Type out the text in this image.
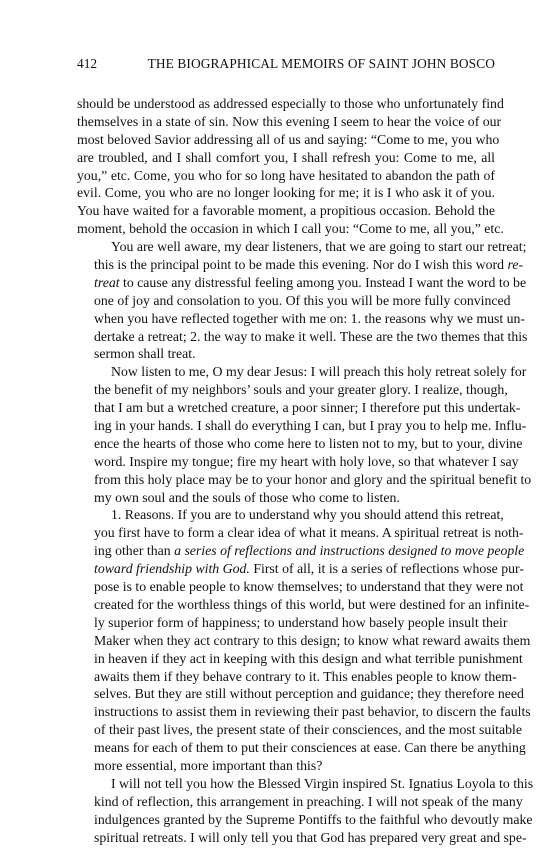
412	THE BIOGRAPHICAL MEMOIRS OF SAINT JOHN BOSCO

should be understood as addressed especially to those who unfortunately find
themselves in a state of sin. Now this evening I seem to hear the voice of our
most beloved Savior addressing all of us and saying: “Come to me, you who
are troubled, and I shall comfort you, I shall refresh you: Come to me, all
you,” etc. Come, you who for so long have hesitated to abandon the path of
evil. Come, you who are no longer looking for me; it is I who ask it of you.
You have waited for a favorable moment, a propitious occasion. Behold the
moment, behold the occasion in which I call you: “Come to me, all you,” etc.

You are well aware, my dear listeners, that we are going to start our retreat;
this is the principal point to be made this evening. Nor do I wish this word re-
treat to cause any distressful feeling among you. Instead I want the word to be
one of joy and consolation to you. Of this you will be more fully convinced
when you have reflected together with me on: 1. the reasons why we must un-
dertake a retreat; 2. the way to make it well. These are the two themes that this
sermon shall treat.

Now listen to me, O my dear Jesus: I will preach this holy retreat solely for
the benefit of my neighbors’ souls and your greater glory. I realize, though,
that I am but a wretched creature, a poor sinner; I therefore put this undertak-
ing in your hands. I shall do everything I can, but I pray you to help me. Influ-
ence the hearts of those who come here to listen not to my, but to your, divine
word. Inspire my tongue; fire my heart with holy love, so that whatever I say
from this holy place may be to your honor and glory and the spiritual benefit to
my own soul and the souls of those who come to listen.

1. Reasons. If you are to understand why you should attend this retreat,
you first have to form a clear idea of what it means. A spiritual retreat is noth-
ing other than a series of reflections and instructions designed to move people
toward friendship with God. First of all, it is a series of reflections whose pur-
pose is to enable people to know themselves; to understand that they were not
created for the worthless things of this world, but were destined for an infinite-
ly superior form of happiness; to understand how basely people insult their
Maker when they act contrary to this design; to know what reward awaits them
in heaven if they act in keeping with this design and what terrible punishment
awaits them if they behave contrary to it. This enables people to know them-
selves. But they are still without perception and guidance; they therefore need
instructions to assist them in reviewing their past behavior, to discern the faults
of their past lives, the present state of their consciences, and the most suitable
means for each of them to put their consciences at ease. Can there be anything
more essential, more important than this?

I will not tell you how the Blessed Virgin inspired St. Ignatius Loyola to this
kind of reflection, this arrangement in preaching. I will not speak of the many
indulgences granted by the Supreme Pontiffs to the faithful who devoutly make
spiritual retreats. I will only tell you that God has prepared very great and spe-
